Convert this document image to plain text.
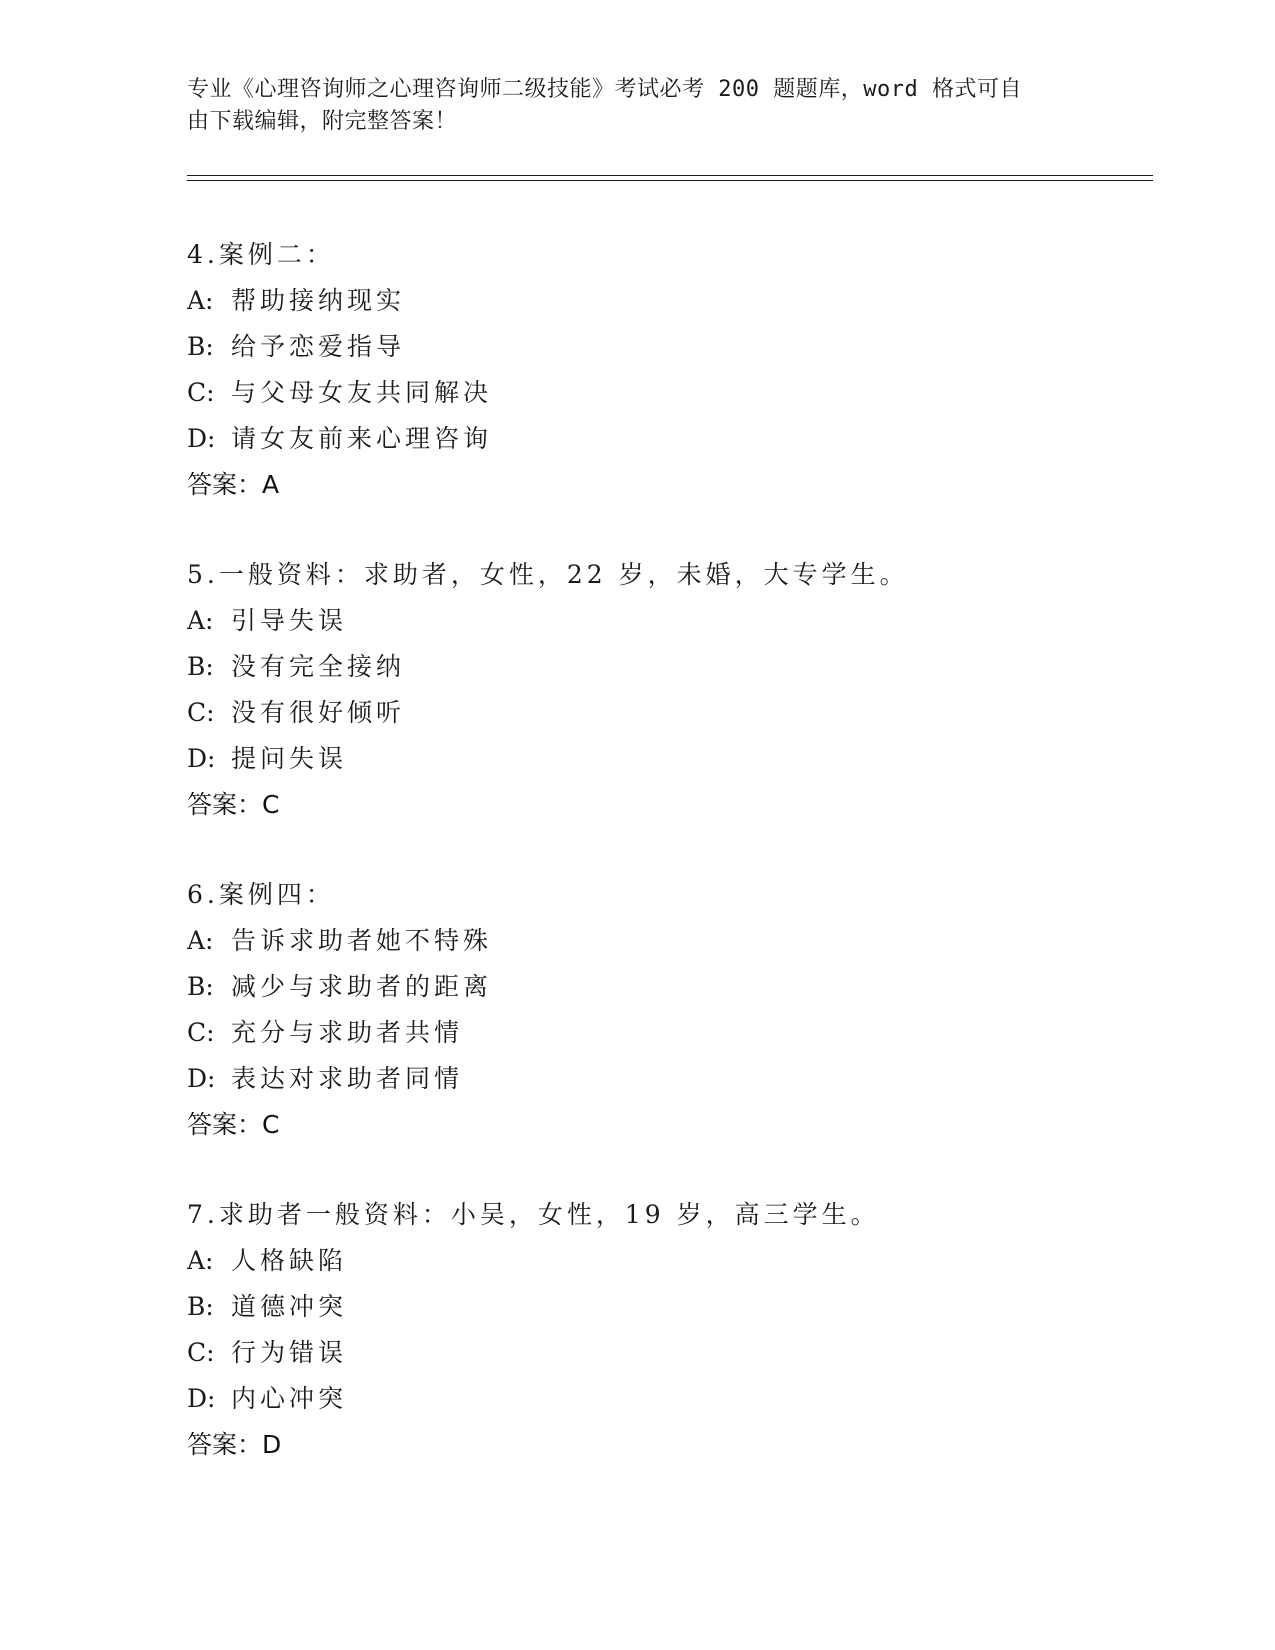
专业《心理咨询师之心理咨询师二级技能》考试必考 200 题题库，word 格式可自
由下载编辑，附完整答案！
4.案例二：
A: 帮助接纳现实
B: 给予恋爱指导
C: 与父母女友共同解决
D: 请女友前来心理咨询
答案：A
5.一般资料：求助者，女性，22 岁，未婚，大专学生。
A: 引导失误
B: 没有完全接纳
C: 没有很好倾听
D: 提问失误
答案：C
6.案例四：
A: 告诉求助者她不特殊
B: 减少与求助者的距离
C: 充分与求助者共情
D: 表达对求助者同情
答案：C
7.求助者一般资料：小吴，女性，19 岁，高三学生。
A: 人格缺陷
B: 道德冲突
C: 行为错误
D: 内心冲突
答案：D
